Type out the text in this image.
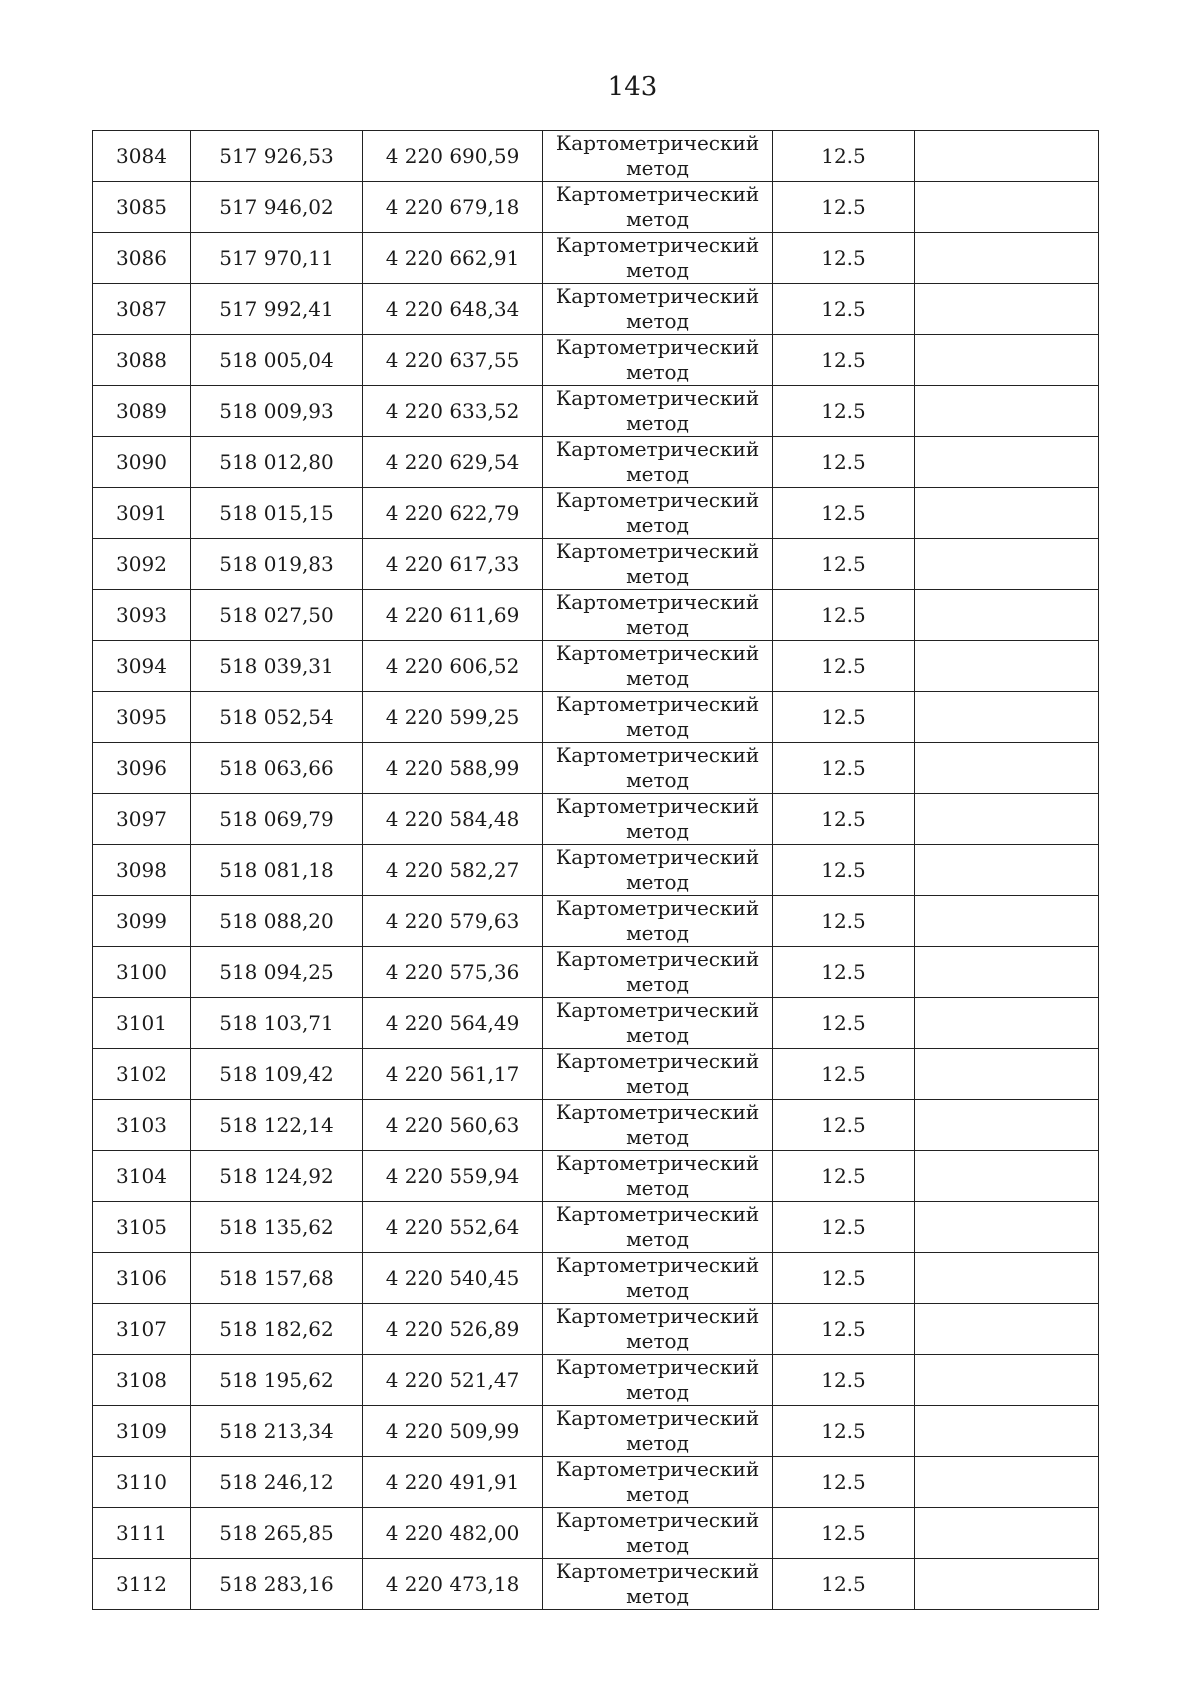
143
3084	517 926,53	4 220 690,59	Картометрический
метод	12.5	
3085	517 946,02	4 220 679,18	Картометрический
метод	12.5	
3086	517 970,11	4 220 662,91	Картометрический
метод	12.5	
3087	517 992,41	4 220 648,34	Картометрический
метод	12.5	
3088	518 005,04	4 220 637,55	Картометрический
метод	12.5	
3089	518 009,93	4 220 633,52	Картометрический
метод	12.5	
3090	518 012,80	4 220 629,54	Картометрический
метод	12.5	
3091	518 015,15	4 220 622,79	Картометрический
метод	12.5	
3092	518 019,83	4 220 617,33	Картометрический
метод	12.5	
3093	518 027,50	4 220 611,69	Картометрический
метод	12.5	
3094	518 039,31	4 220 606,52	Картометрический
метод	12.5	
3095	518 052,54	4 220 599,25	Картометрический
метод	12.5	
3096	518 063,66	4 220 588,99	Картометрический
метод	12.5	
3097	518 069,79	4 220 584,48	Картометрический
метод	12.5	
3098	518 081,18	4 220 582,27	Картометрический
метод	12.5	
3099	518 088,20	4 220 579,63	Картометрический
метод	12.5	
3100	518 094,25	4 220 575,36	Картометрический
метод	12.5	
3101	518 103,71	4 220 564,49	Картометрический
метод	12.5	
3102	518 109,42	4 220 561,17	Картометрический
метод	12.5	
3103	518 122,14	4 220 560,63	Картометрический
метод	12.5	
3104	518 124,92	4 220 559,94	Картометрический
метод	12.5	
3105	518 135,62	4 220 552,64	Картометрический
метод	12.5	
3106	518 157,68	4 220 540,45	Картометрический
метод	12.5	
3107	518 182,62	4 220 526,89	Картометрический
метод	12.5	
3108	518 195,62	4 220 521,47	Картометрический
метод	12.5	
3109	518 213,34	4 220 509,99	Картометрический
метод	12.5	
3110	518 246,12	4 220 491,91	Картометрический
метод	12.5	
3111	518 265,85	4 220 482,00	Картометрический
метод	12.5	
3112	518 283,16	4 220 473,18	Картометрический
метод	12.5	
